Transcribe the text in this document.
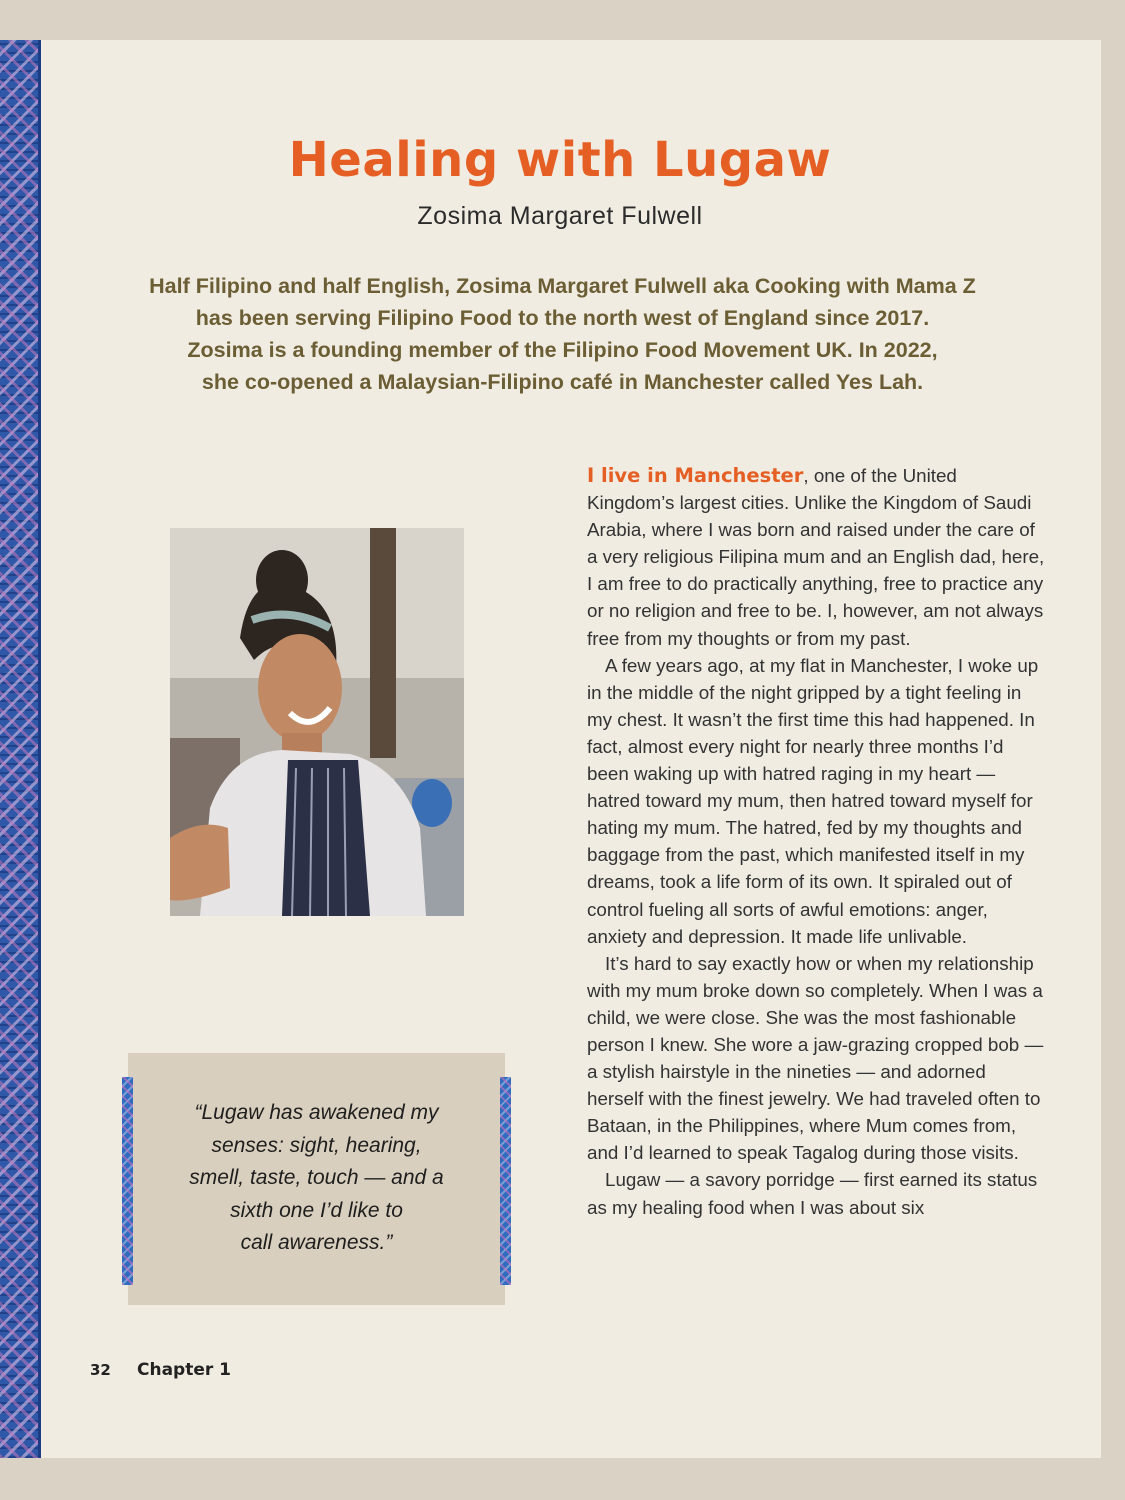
Healing with Lugaw
Zosima Margaret Fulwell
Half Filipino and half English, Zosima Margaret Fulwell aka Cooking with Mama Z
has been serving Filipino Food to the north west of England since 2017.
Zosima is a founding member of the Filipino Food Movement UK. In 2022,
she co-opened a Malaysian-Filipino café in Manchester called Yes Lah.
“Lugaw has awakened my
senses: sight, hearing,
smell, taste, touch — and a
sixth one I’d like to
call awareness.”

I live in Manchester, one of the United Kingdom’s largest cities. Unlike the Kingdom of Saudi Arabia, where I was born and raised under the care of a very religious Filipina mum and an English dad, here, I am free to do practically anything, free to practice any or no religion and free to be. I, however, am not always free from my thoughts or from my past.

A few years ago, at my flat in Manchester, I woke up in the middle of the night gripped by a tight feeling in my chest. It wasn’t the first time this had happened. In fact, almost every night for nearly three months I’d been waking up with hatred raging in my heart — hatred toward my mum, then hatred toward myself for hating my mum. The hatred, fed by my thoughts and baggage from the past, which manifested itself in my dreams, took a life form of its own. It spiraled out of control fueling all sorts of awful emotions: anger, anxiety and depression. It made life unlivable.

It’s hard to say exactly how or when my relationship with my mum broke down so completely. When I was a child, we were close. She was the most fashionable person I knew. She wore a jaw-grazing cropped bob — a stylish hairstyle in the nineties — and adorned herself with the finest jewelry. We had traveled often to Bataan, in the Philippines, where Mum comes from, and I’d learned to speak Tagalog during those visits.

Lugaw — a savory porridge — first earned its status as my healing food when I was about six

32 Chapter 1
